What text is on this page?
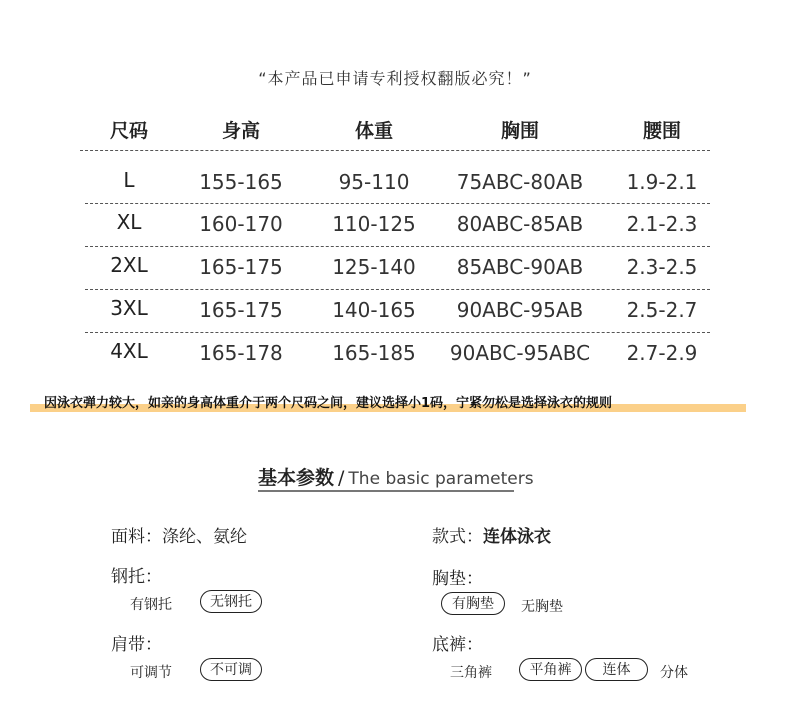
“本产品已申请专利授权翻版必究！”
尺码	身高	体重	胸围	腰围
L	155-165	95-110	75ABC-80AB	1.9-2.1
XL	160-170	110-125	80ABC-85AB	2.1-2.3
2XL	165-175	125-140	85ABC-90AB	2.3-2.5
3XL	165-175	140-165	90ABC-95AB	2.5-2.7
4XL	165-178	165-185	90ABC-95ABC	2.7-2.9
因泳衣弹力较大，如亲的身高体重介于两个尺码之间，建议选择小1码，宁紧勿松是选择泳衣的规则
基本参数 / The basic parameters
面料：涤纶、氨纶
钢托：
有钢托	无钢托
肩带：
可调节	不可调
款式：连体泳衣
胸垫：
有胸垫	无胸垫
底裤：
三角裤	平角裤	连体	分体
